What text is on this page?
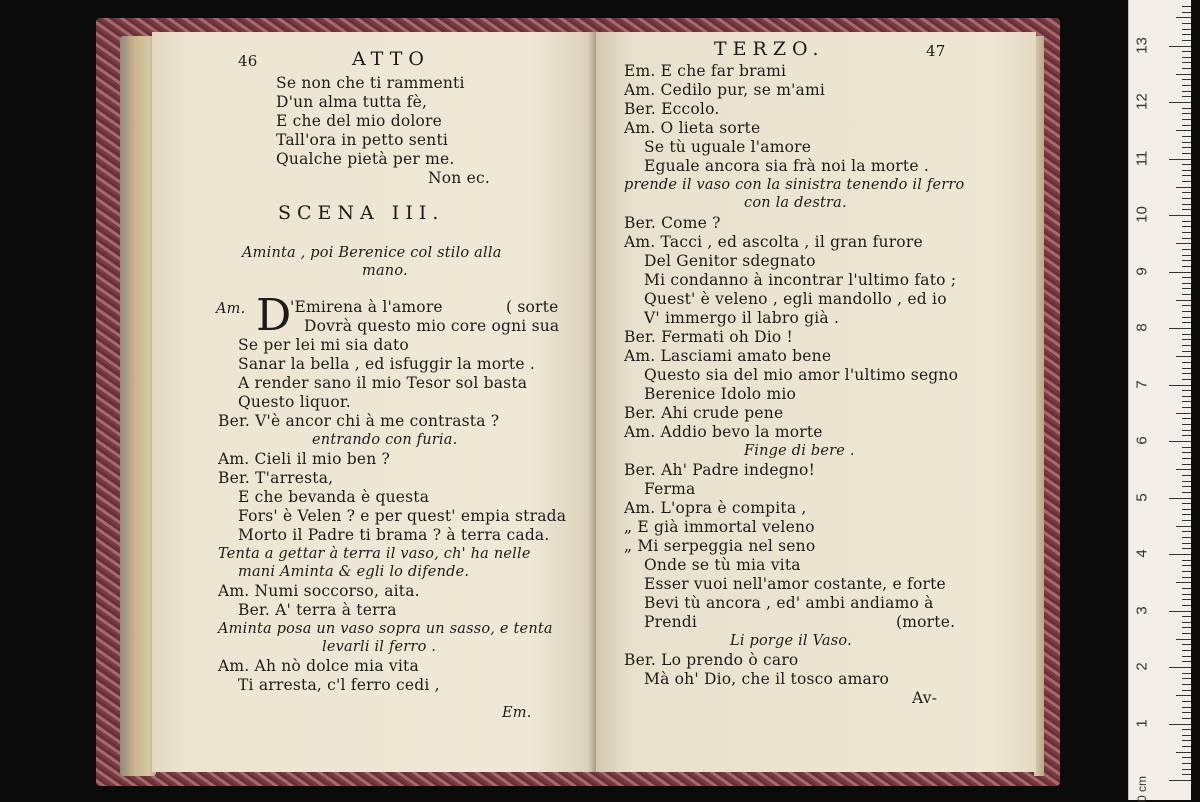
46	ATTO
Se non che ti rammenti
D'un alma tutta fè,
E che del mio dolore
Tall'ora in petto senti
Qualche pietà per me.
Non ec.
SCENA III.
Aminta , poi Berenice col stilo alla
mano.
Am. D
'Emirena à l'amore	( sorte
Dovrà questo mio core ogni sua
Se per lei mi sia dato
Sanar la bella , ed isfuggir la morte .
A render sano il mio Tesor sol basta
Questo liquor.
Ber. V'è ancor chi à me contrasta ?
entrando con furia.
Am. Cieli il mio ben ?
Ber. T'arresta,
E che bevanda è questa
Fors' è Velen ? e per quest' empia strada
Morto il Padre ti brama ? à terra cada.
Tenta a gettar à terra il vaso, ch' ha nelle
mani Aminta & egli lo difende.
Am. Numi soccorso, aita.
Ber. A' terra à terra
Aminta posa un vaso sopra un sasso, e tenta
levarli il ferro .
Am. Ah nò dolce mia vita
Ti arresta, c'l ferro cedi ,
Em.
TERZO.	47
Em. E che far brami
Am. Cedilo pur, se m'ami
Ber. Eccolo.
Am. O lieta sorte
Se tù uguale l'amore
Eguale ancora sia frà noi la morte .
prende il vaso con la sinistra tenendo il ferro
con la destra.
Ber. Come ?
Am. Tacci , ed ascolta , il gran furore
Del Genitor sdegnato
Mi condanno à incontrar l'ultimo fato ;
Quest' è veleno , egli mandollo , ed io
V' immergo il labro già .
Ber. Fermati oh Dio !
Am. Lasciami amato bene
Questo sia del mio amor l'ultimo segno
Berenice Idolo mio
Ber. Ahi crude pene
Am. Addio bevo la morte
Finge di bere .
Ber. Ah' Padre indegno!
Ferma
Am. L'opra è compita ,
„ E già immortal veleno
„ Mi serpeggia nel seno
Onde se tù mia vita
Esser vuoi nell'amor costante, e forte
Bevi tù ancora , ed' ambi andiamo à
Prendi	(morte.
Li porge il Vaso.
Ber. Lo prendo ò caro
Mà oh' Dio, che il tosco amaro
Av-
0 cm
1
2
3
4
5
6
7
8
9
10
11
12
13
